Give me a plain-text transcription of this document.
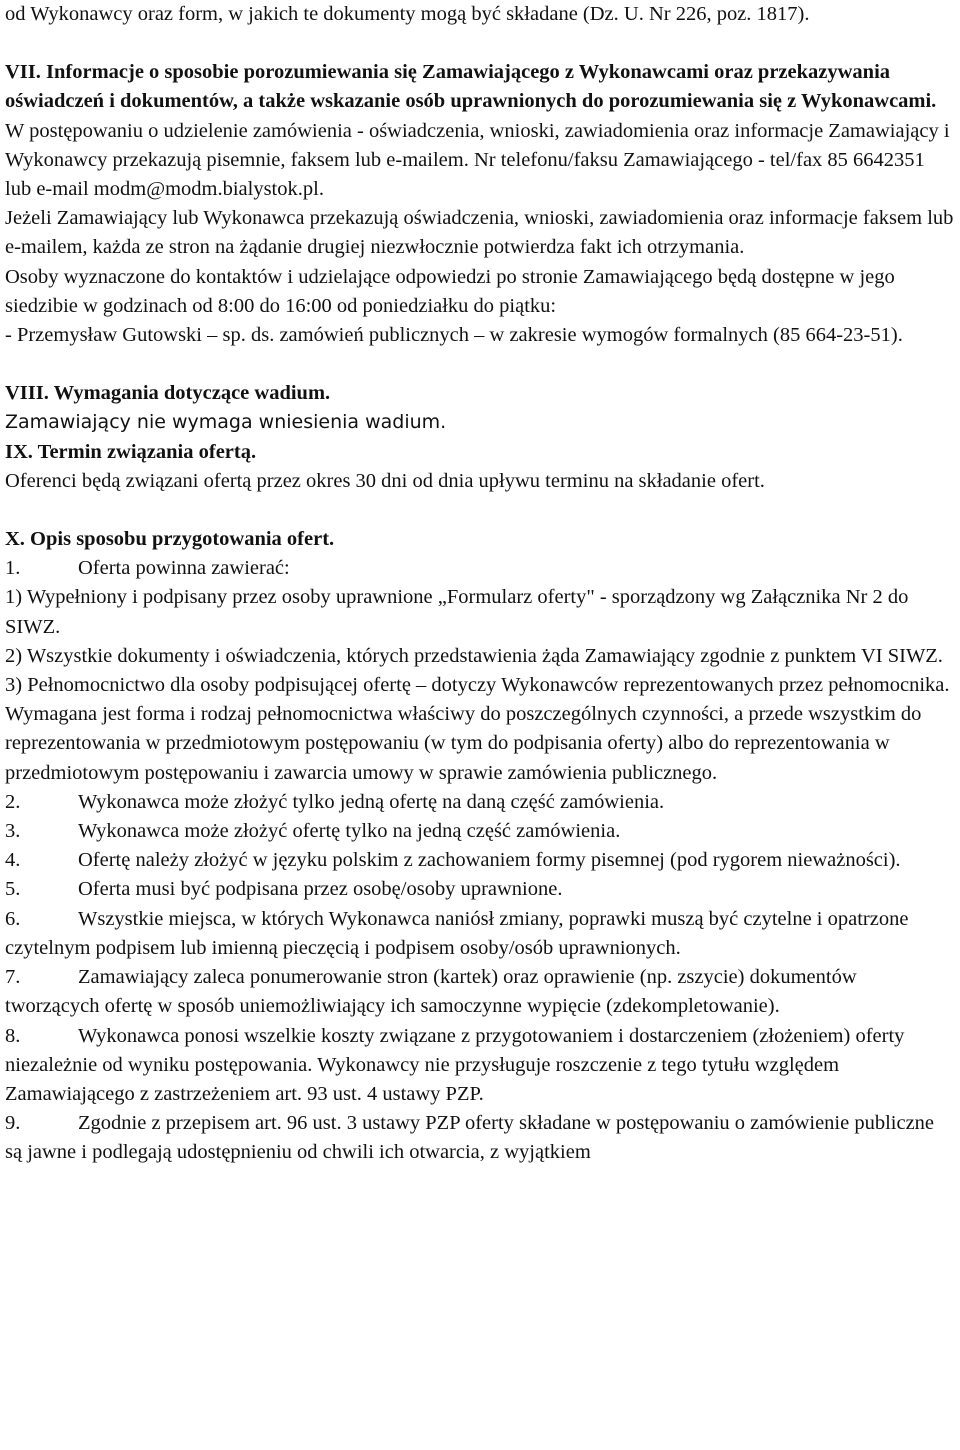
od Wykonawcy oraz form, w jakich te dokumenty mogą być składane (Dz. U. Nr 226, poz. 1817).

VII. Informacje o sposobie porozumiewania się Zamawiającego z Wykonawcami oraz przekazywania oświadczeń i dokumentów, a także wskazanie osób uprawnionych do porozumiewania się z Wykonawcami.

W postępowaniu o udzielenie zamówienia - oświadczenia, wnioski, zawiadomienia oraz informacje Zamawiający i Wykonawcy przekazują pisemnie, faksem lub e-mailem. Nr telefonu/faksu Zamawiającego - tel/fax 85 6642351 lub e-mail modm@modm.bialystok.pl.

Jeżeli Zamawiający lub Wykonawca przekazują oświadczenia, wnioski, zawiadomienia oraz informacje faksem lub e-mailem, każda ze stron na żądanie drugiej niezwłocznie potwierdza fakt ich otrzymania.

Osoby wyznaczone do kontaktów i udzielające odpowiedzi po stronie Zamawiającego będą dostępne w jego siedzibie w godzinach od 8:00 do 16:00 od poniedziałku do piątku:

- Przemysław Gutowski – sp. ds. zamówień publicznych – w zakresie wymogów formalnych (85 664-23-51).

VIII. Wymagania dotyczące wadium.

Zamawiający nie wymaga wniesienia wadium.

IX. Termin związania ofertą.

Oferenci będą związani ofertą przez okres 30 dni od dnia upływu terminu na składanie ofert.

X. Opis sposobu przygotowania ofert.

1.	Oferta powinna zawierać:

1) Wypełniony i podpisany przez osoby uprawnione „Formularz oferty" - sporządzony wg Załącznika Nr 2 do SIWZ.

2) Wszystkie dokumenty i oświadczenia, których przedstawienia żąda Zamawiający zgodnie z punktem VI SIWZ.

3) Pełnomocnictwo dla osoby podpisującej ofertę – dotyczy Wykonawców reprezentowanych przez pełnomocnika. Wymagana jest forma i rodzaj pełnomocnictwa właściwy do poszczególnych czynności, a przede wszystkim do reprezentowania w przedmiotowym postępowaniu (w tym do podpisania oferty) albo do reprezentowania w przedmiotowym postępowaniu i zawarcia umowy w sprawie zamówienia publicznego.

2.	Wykonawca może złożyć tylko jedną ofertę na daną część zamówienia.

3.	Wykonawca może złożyć ofertę tylko na jedną część zamówienia.

4.	Ofertę należy złożyć w języku polskim z zachowaniem formy pisemnej (pod rygorem nieważności).

5.	Oferta musi być podpisana przez osobę/osoby uprawnione.

6.	Wszystkie miejsca, w których Wykonawca naniósł zmiany, poprawki muszą być czytelne i opatrzone czytelnym podpisem lub imienną pieczęcią i podpisem osoby/osób uprawnionych.

7.	Zamawiający zaleca ponumerowanie stron (kartek) oraz oprawienie (np. zszycie) dokumentów tworzących ofertę w sposób uniemożliwiający ich samoczynne wypięcie (zdekompletowanie).

8.	Wykonawca ponosi wszelkie koszty związane z przygotowaniem i dostarczeniem (złożeniem) oferty niezależnie od wyniku postępowania. Wykonawcy nie przysługuje roszczenie z tego tytułu względem Zamawiającego z zastrzeżeniem art. 93 ust. 4 ustawy PZP.

9.	Zgodnie z przepisem art. 96 ust. 3 ustawy PZP oferty składane w postępowaniu o zamówienie publiczne są jawne i podlegają udostępnieniu od chwili ich otwarcia, z wyjątkiem
